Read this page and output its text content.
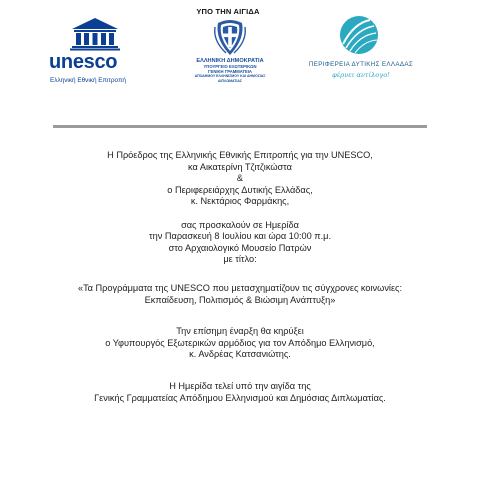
ΥΠΟ ΤΗΝ ΑΙΓΙΔΑ
unesco
Ελληνική Εθνική Επιτροπή
ΕΛΛΗΝΙΚΗ ΔΗΜΟΚΡΑΤΙΑ
ΥΠΟΥΡΓΕΙΟ ΕΞΩΤΕΡΙΚΩΝ
ΓΕΝΙΚΗ ΓΡΑΜΜΑΤΕΙΑ
ΑΠΟΔΗΜΟΥ ΕΛΛΗΝΙΣΜΟΥ ΚΑΙ ΔΗΜΟΣΙΑΣ ΔΙΠΛΩΜΑΤΙΑΣ
ΠΕΡΙΦΕΡΕΙΑ ΔΥΤΙΚΗΣ ΕΛΛΑΔΑΣ
φέρνει αντίλογο!
Η Πρόεδρος της Ελληνικής Εθνικής Επιτροπής για την UNESCO,
κα Αικατερίνη Τζιτζικώστα
&
ο Περιφερειάρχης Δυτικής Ελλάδας,
κ. Νεκτάριος Φαρμάκης,
σας προσκαλούν σε Ημερίδα
την Παρασκευή 8 Ιουλίου και ώρα 10:00 π.μ.
στο Αρχαιολογικό Μουσείο Πατρών
με τίτλο:
«Τα Προγράμματα της UNESCO που μετασχηματίζουν τις σύγχρονες κοινωνίες:
Εκπαίδευση, Πολιτισμός & Βιώσιμη Ανάπτυξη»
Την επίσημη έναρξη θα κηρύξει
ο Υφυπουργός Εξωτερικών αρμόδιος για τον Απόδημο Ελληνισμό,
κ. Ανδρέας Κατσανιώτης.
Η Ημερίδα τελεί υπό την αιγίδα της
Γενικής Γραμματείας Απόδημου Ελληνισμού και Δημόσιας Διπλωματίας.
